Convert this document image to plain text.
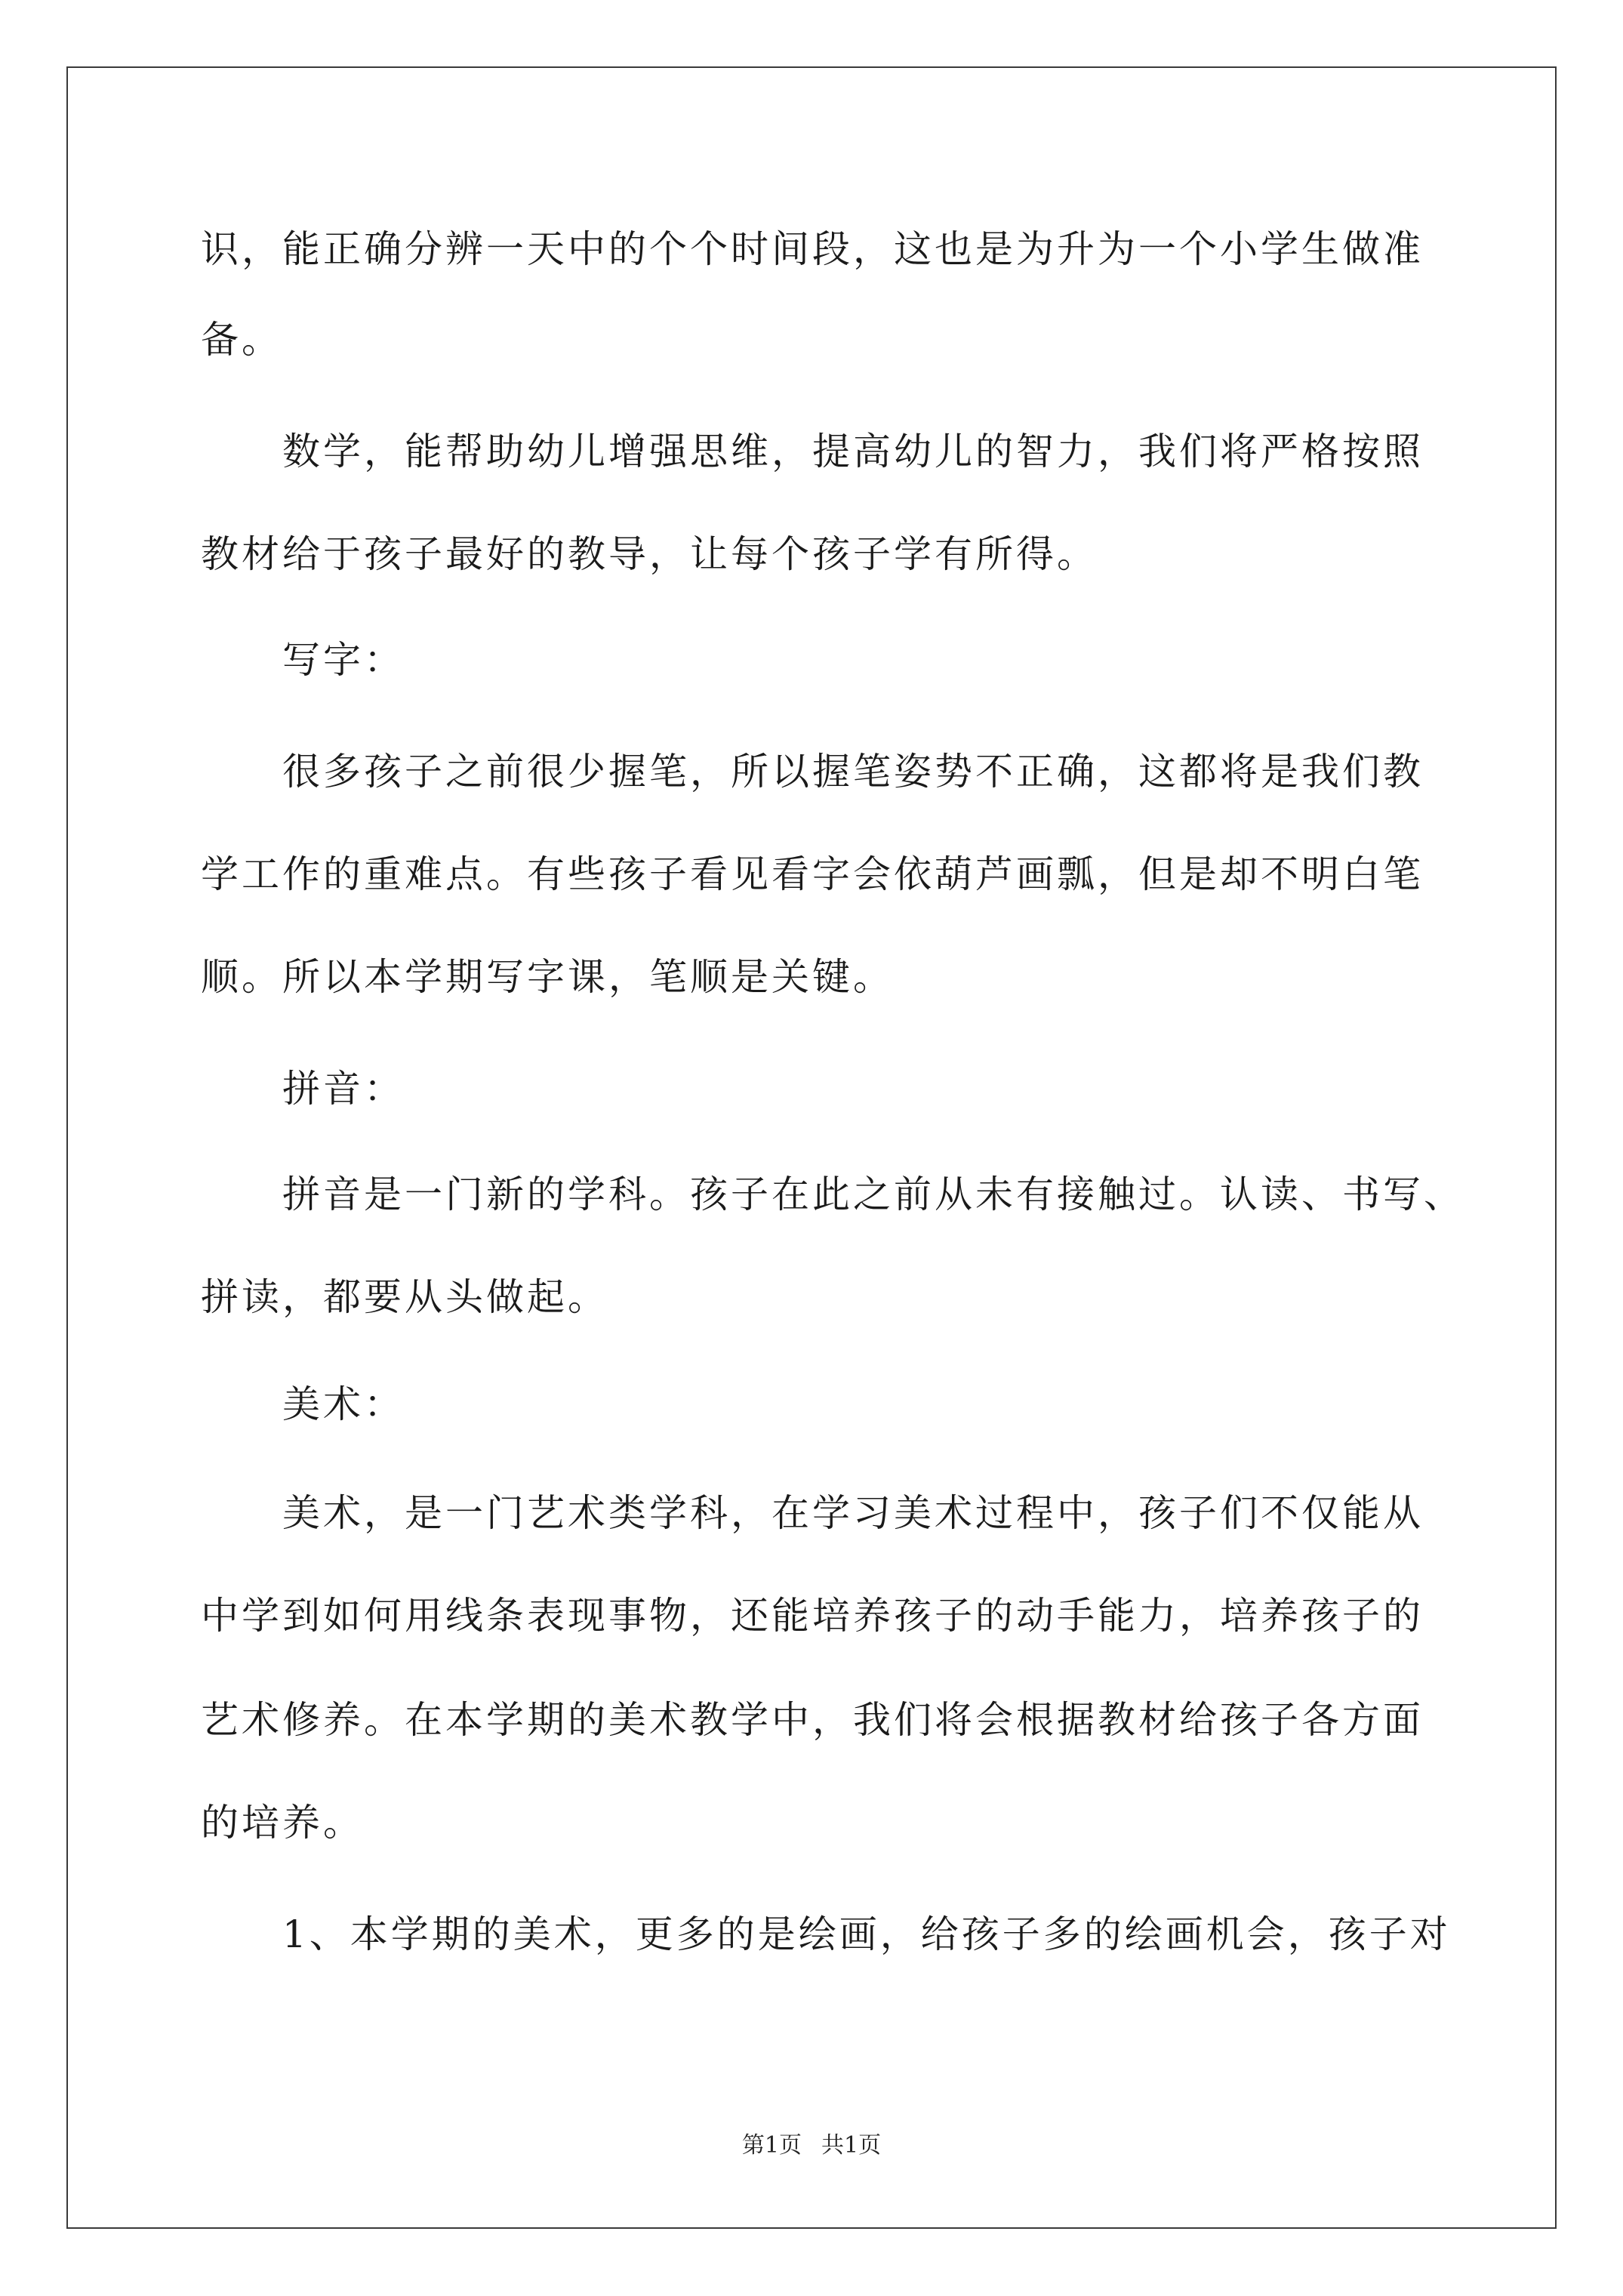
识，能正确分辨一天中的个个时间段，这也是为升为一个小学生做准
备。
数学，能帮助幼儿增强思维，提高幼儿的智力，我们将严格按照
教材给于孩子最好的教导，让每个孩子学有所得。
写字：
很多孩子之前很少握笔，所以握笔姿势不正确，这都将是我们教
学工作的重难点。有些孩子看见看字会依葫芦画瓢，但是却不明白笔
顺。所以本学期写字课，笔顺是关键。
拼音：
拼音是一门新的学科。孩子在此之前从未有接触过。认读、书写、
拼读，都要从头做起。
美术：
美术，是一门艺术类学科，在学习美术过程中，孩子们不仅能从
中学到如何用线条表现事物，还能培养孩子的动手能力，培养孩子的
艺术修养。在本学期的美术教学中，我们将会根据教材给孩子各方面
的培养。
1、本学期的美术，更多的是绘画，给孩子多的绘画机会，孩子对
第1页 共1页
